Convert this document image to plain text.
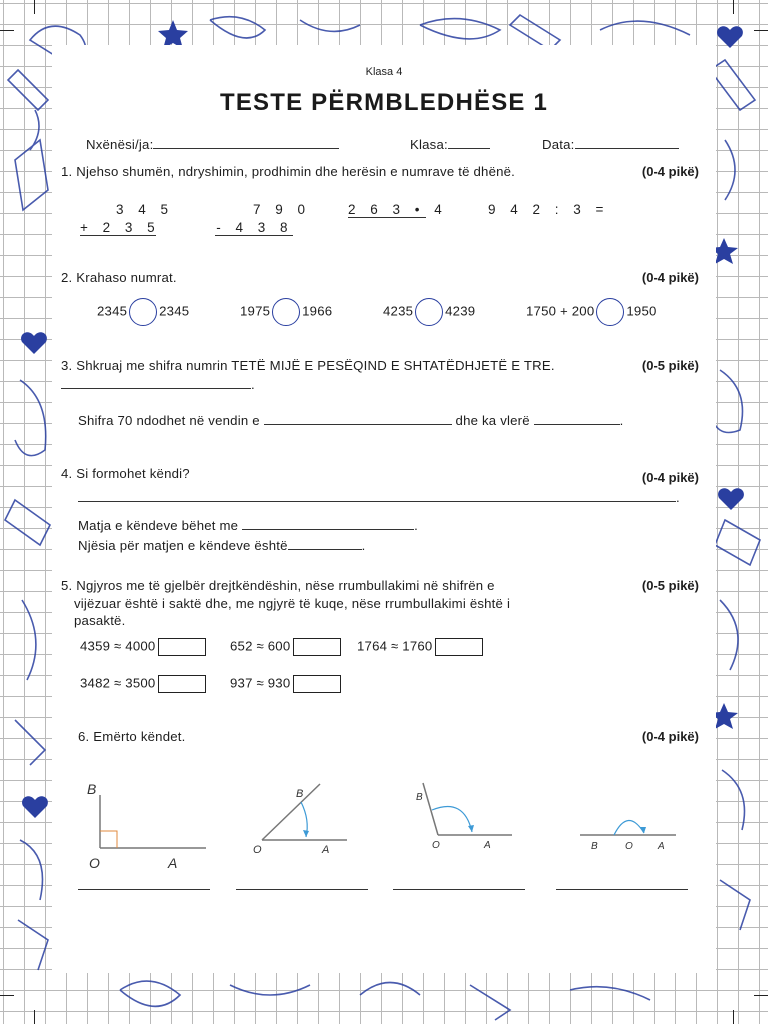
Klasa 4
TESTE PËRMBLEDHËSE 1
Nxënësi/ja:	Klasa:	Data:
1. Njehso shumën, ndryshimin, prodhimin dhe herësin e numrave të dhënë.	(0-4 pikë)
3 4 5
+ 2 3 5
7 9 0
- 4 3 8
2 6 3 • 4	9 4 2 : 3 =
2. Krahaso numrat.	(0-4 pikë)
2345 2345	1975 1966	4235 4239	1750 + 200 1950
3. Shkruaj me shifra numrin TETË MIJË E PESËQIND E SHTATËDHJETË E TRE.	(0-5 pikë)
.
Shifra 70 ndodhet në vendin e	dhe ka vlerë	.
4. Si formohet këndi?	(0-4 pikë)
.
Matja e këndeve bëhet me	.
Njësia për matjen e këndeve është	.
5. Ngjyros me të gjelbër drejtkëndëshin, nëse rrumbullakimi në shifrën e
vijëzuar është i saktë dhe, me ngjyrë të kuqe, nëse rrumbullakimi është i
pasaktë.
(0-5 pikë)
4359 ≈ 4000	652 ≈ 600	1764 ≈ 1760
3482 ≈ 3500	937 ≈ 930
6. Emërto këndet.	(0-4 pikë)
B
O	A
B
O	A
B
O	A	B	O	A
